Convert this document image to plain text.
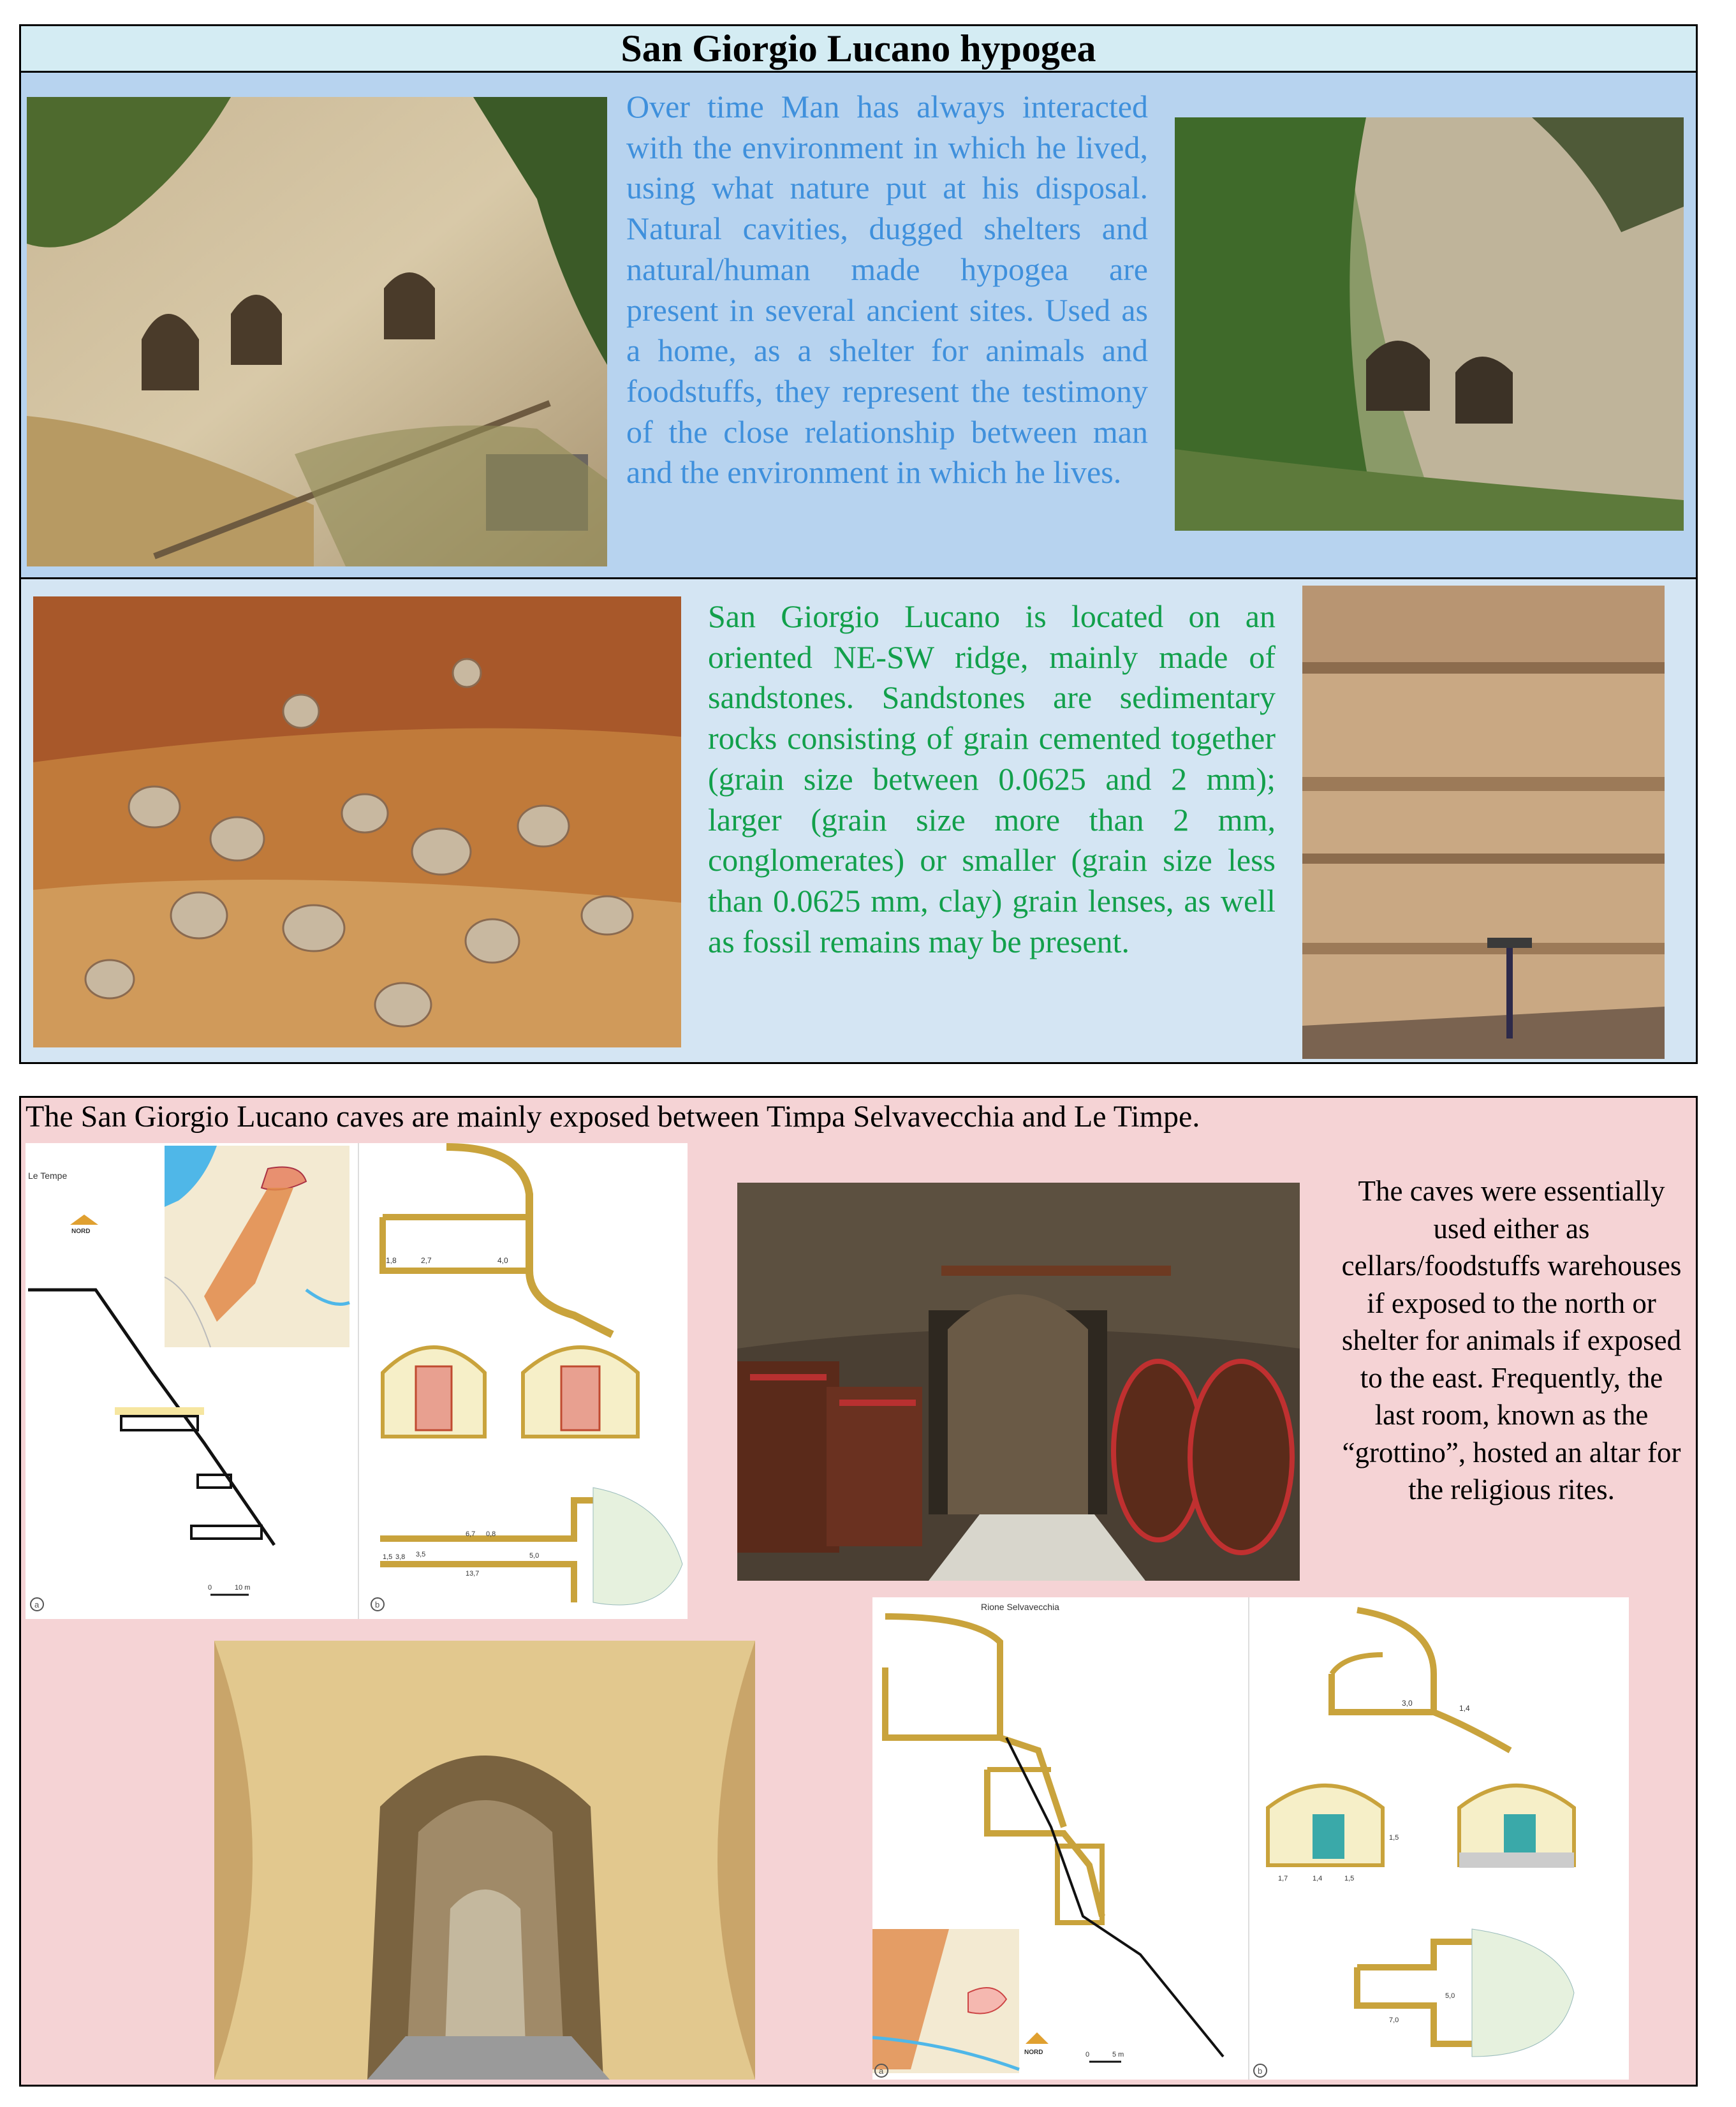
San Giorgio Lucano hypogea
Over time Man has always interacted with the environment in which he lived, using what nature put at his disposal. Natural cavities, dugged shelters and natural/human made hypogea are present in several ancient sites. Used as a home, as a shelter for animals and foodstuffs, they represent the testimony of the close relationship between man and the environment in which he lives.
San Giorgio Lucano is located on an oriented NE-SW ridge, mainly made of sandstones. Sandstones are sedimentary rocks consisting of grain cemented together (grain size between 0.0625 and 2 mm); larger (grain size more than 2 mm, conglomerates) or smaller (grain size less than 0.0625 mm, clay) grain lenses, as well as fossil remains may be present.
The San Giorgio Lucano caves are mainly exposed between Timpa Selvavecchia and Le Timpe.
Le Tempe
NORD
a
0	10 m
1,8	2,7	4,0
1,5 3,8 3,5
6,7 0,8
5,0
13,7
b
The caves were essentially used either as cellars/foodstuffs warehouses if exposed to the north or shelter for animals if exposed to the east. Frequently, the last room, known as the “grottino”, hosted an altar for the religious rites.
Rione Selvavecchia
NORD
a
0	5 m
3,0
1,4
1,7	1,4	1,5
1,5
5,0
7,0
b
